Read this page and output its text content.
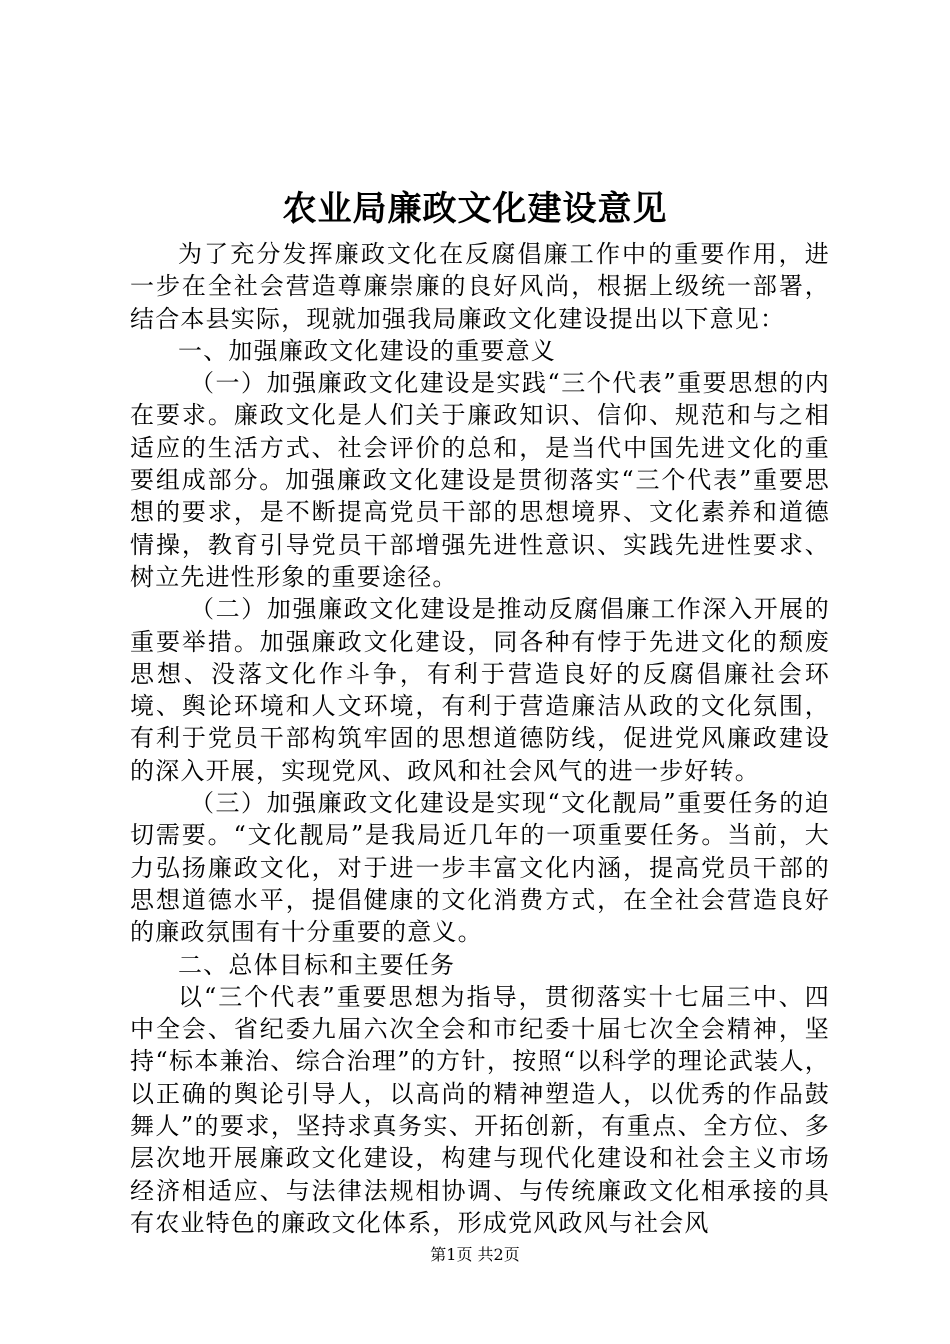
农业局廉政文化建设意见

为了充分发挥廉政文化在反腐倡廉工作中的重要作用，进一步在全社会营造尊廉崇廉的良好风尚，根据上级统一部署，结合本县实际，现就加强我局廉政文化建设提出以下意见：

一、加强廉政文化建设的重要意义

（一）加强廉政文化建设是实践“三个代表”重要思想的内在要求。廉政文化是人们关于廉政知识、信仰、规范和与之相适应的生活方式、社会评价的总和，是当代中国先进文化的重要组成部分。加强廉政文化建设是贯彻落实“三个代表”重要思想的要求，是不断提高党员干部的思想境界、文化素养和道德情操，教育引导党员干部增强先进性意识、实践先进性要求、树立先进性形象的重要途径。

（二）加强廉政文化建设是推动反腐倡廉工作深入开展的重要举措。加强廉政文化建设，同各种有悖于先进文化的颓废思想、没落文化作斗争，有利于营造良好的反腐倡廉社会环境、舆论环境和人文环境，有利于营造廉洁从政的文化氛围，有利于党员干部构筑牢固的思想道德防线，促进党风廉政建设的深入开展，实现党风、政风和社会风气的进一步好转。

（三）加强廉政文化建设是实现“文化靓局”重要任务的迫切需要。“文化靓局”是我局近几年的一项重要任务。当前，大力弘扬廉政文化，对于进一步丰富文化内涵，提高党员干部的思想道德水平，提倡健康的文化消费方式，在全社会营造良好的廉政氛围有十分重要的意义。

二、总体目标和主要任务

以“三个代表”重要思想为指导，贯彻落实十七届三中、四中全会、省纪委九届六次全会和市纪委十届七次全会精神，坚持“标本兼治、综合治理”的方针，按照“以科学的理论武装人，以正确的舆论引导人，以高尚的精神塑造人，以优秀的作品鼓舞人”的要求，坚持求真务实、开拓创新，有重点、全方位、多层次地开展廉政文化建设，构建与现代化建设和社会主义市场经济相适应、与法律法规相协调、与传统廉政文化相承接的具有农业特色的廉政文化体系，形成党风政风与社会风

第1页 共2页
